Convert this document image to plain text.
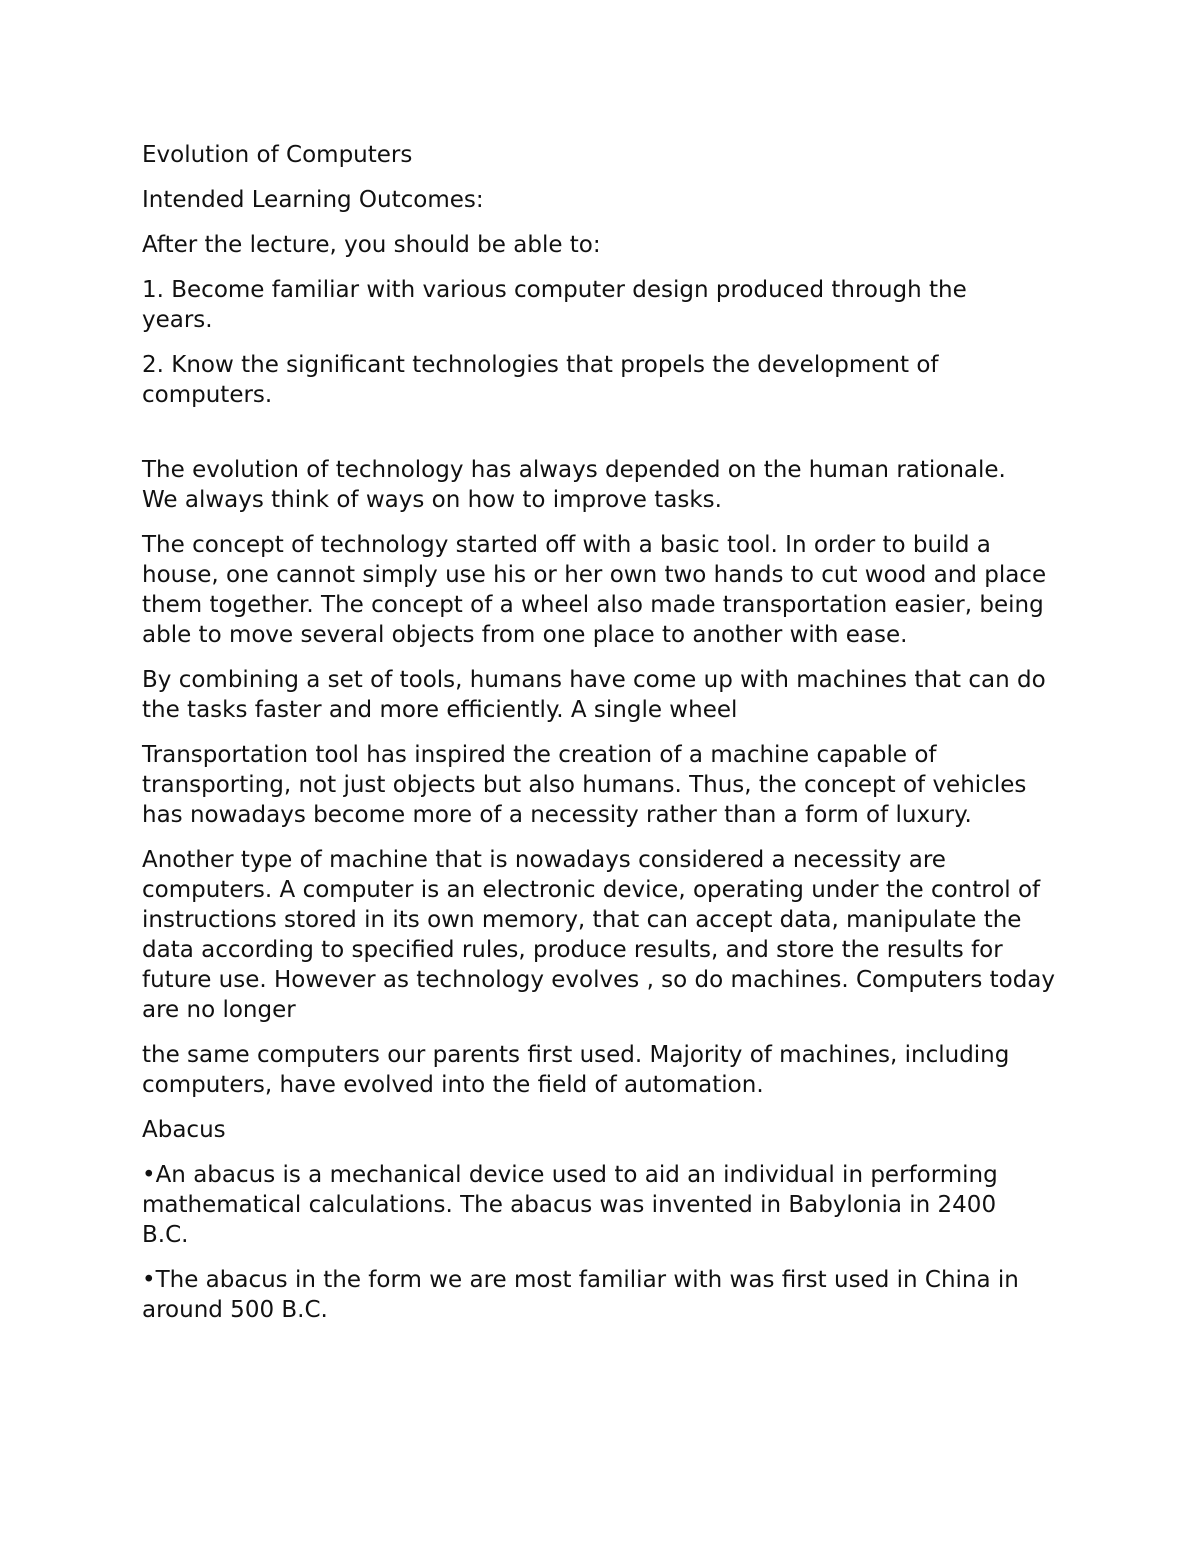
Evolution of Computers

Intended Learning Outcomes:

After the lecture, you should be able to:

1. Become familiar with various computer design produced through the years.

2. Know the significant technologies that propels the development of computers.

The evolution of technology has always depended on the human rationale. We always think of ways on how to improve tasks.

The concept of technology started off with a basic tool. In order to build a house, one cannot simply use his or her own two hands to cut wood and place them together. The concept of a wheel also made transportation easier, being able to move several objects from one place to another with ease.

By combining a set of tools, humans have come up with machines that can do the tasks faster and more efficiently. A single wheel

Transportation tool has inspired the creation of a machine capable of transporting, not just objects but also humans. Thus, the concept of vehicles has nowadays become more of a necessity rather than a form of luxury.

Another type of machine that is nowadays considered a necessity are computers. A computer is an electronic device, operating under the control of instructions stored in its own memory, that can accept data, manipulate the data according to specified rules, produce results, and store the results for future use. However as technology evolves , so do machines. Computers today are no longer

the same computers our parents first used. Majority of machines, including computers, have evolved into the field of automation.

Abacus

•An abacus is a mechanical device used to aid an individual in performing mathematical calculations. The abacus was invented in Babylonia in 2400 B.C.

•The abacus in the form we are most familiar with was first used in China in around 500 B.C.
